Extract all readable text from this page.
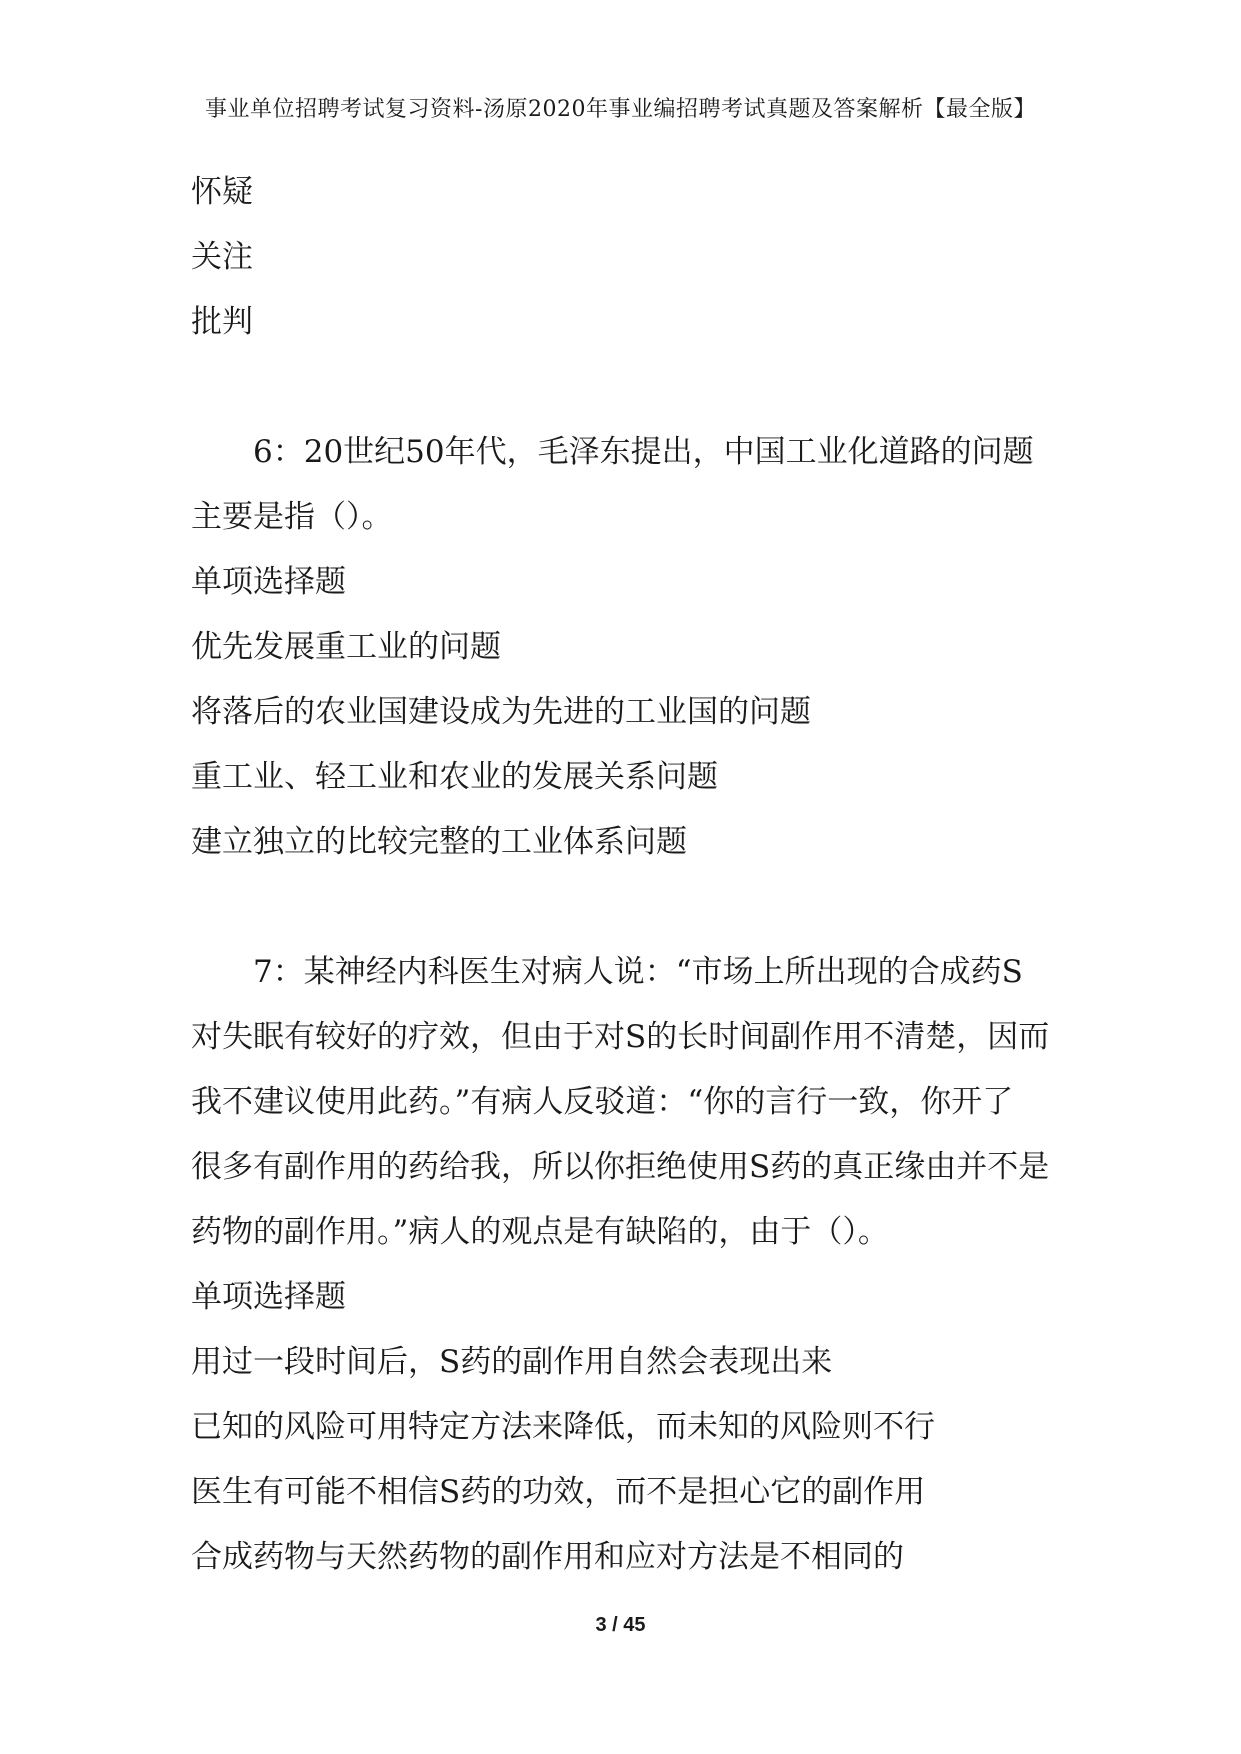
事业单位招聘考试复习资料-汤原2020年事业编招聘考试真题及答案解析【最全版】
怀疑
关注
批判
6：20世纪50年代，毛泽东提出，中国工业化道路的问题
主要是指（）。
单项选择题
优先发展重工业的问题
将落后的农业国建设成为先进的工业国的问题
重工业、轻工业和农业的发展关系问题
建立独立的比较完整的工业体系问题
7：某神经内科医生对病人说：“市场上所出现的合成药S
对失眠有较好的疗效，但由于对S的长时间副作用不清楚，因而
我不建议使用此药。”有病人反驳道：“你的言行一致，你开了
很多有副作用的药给我，所以你拒绝使用S药的真正缘由并不是
药物的副作用。”病人的观点是有缺陷的，由于（）。
单项选择题
用过一段时间后，S药的副作用自然会表现出来
已知的风险可用特定方法来降低，而未知的风险则不行
医生有可能不相信S药的功效，而不是担心它的副作用
合成药物与天然药物的副作用和应对方法是不相同的
3 / 45
